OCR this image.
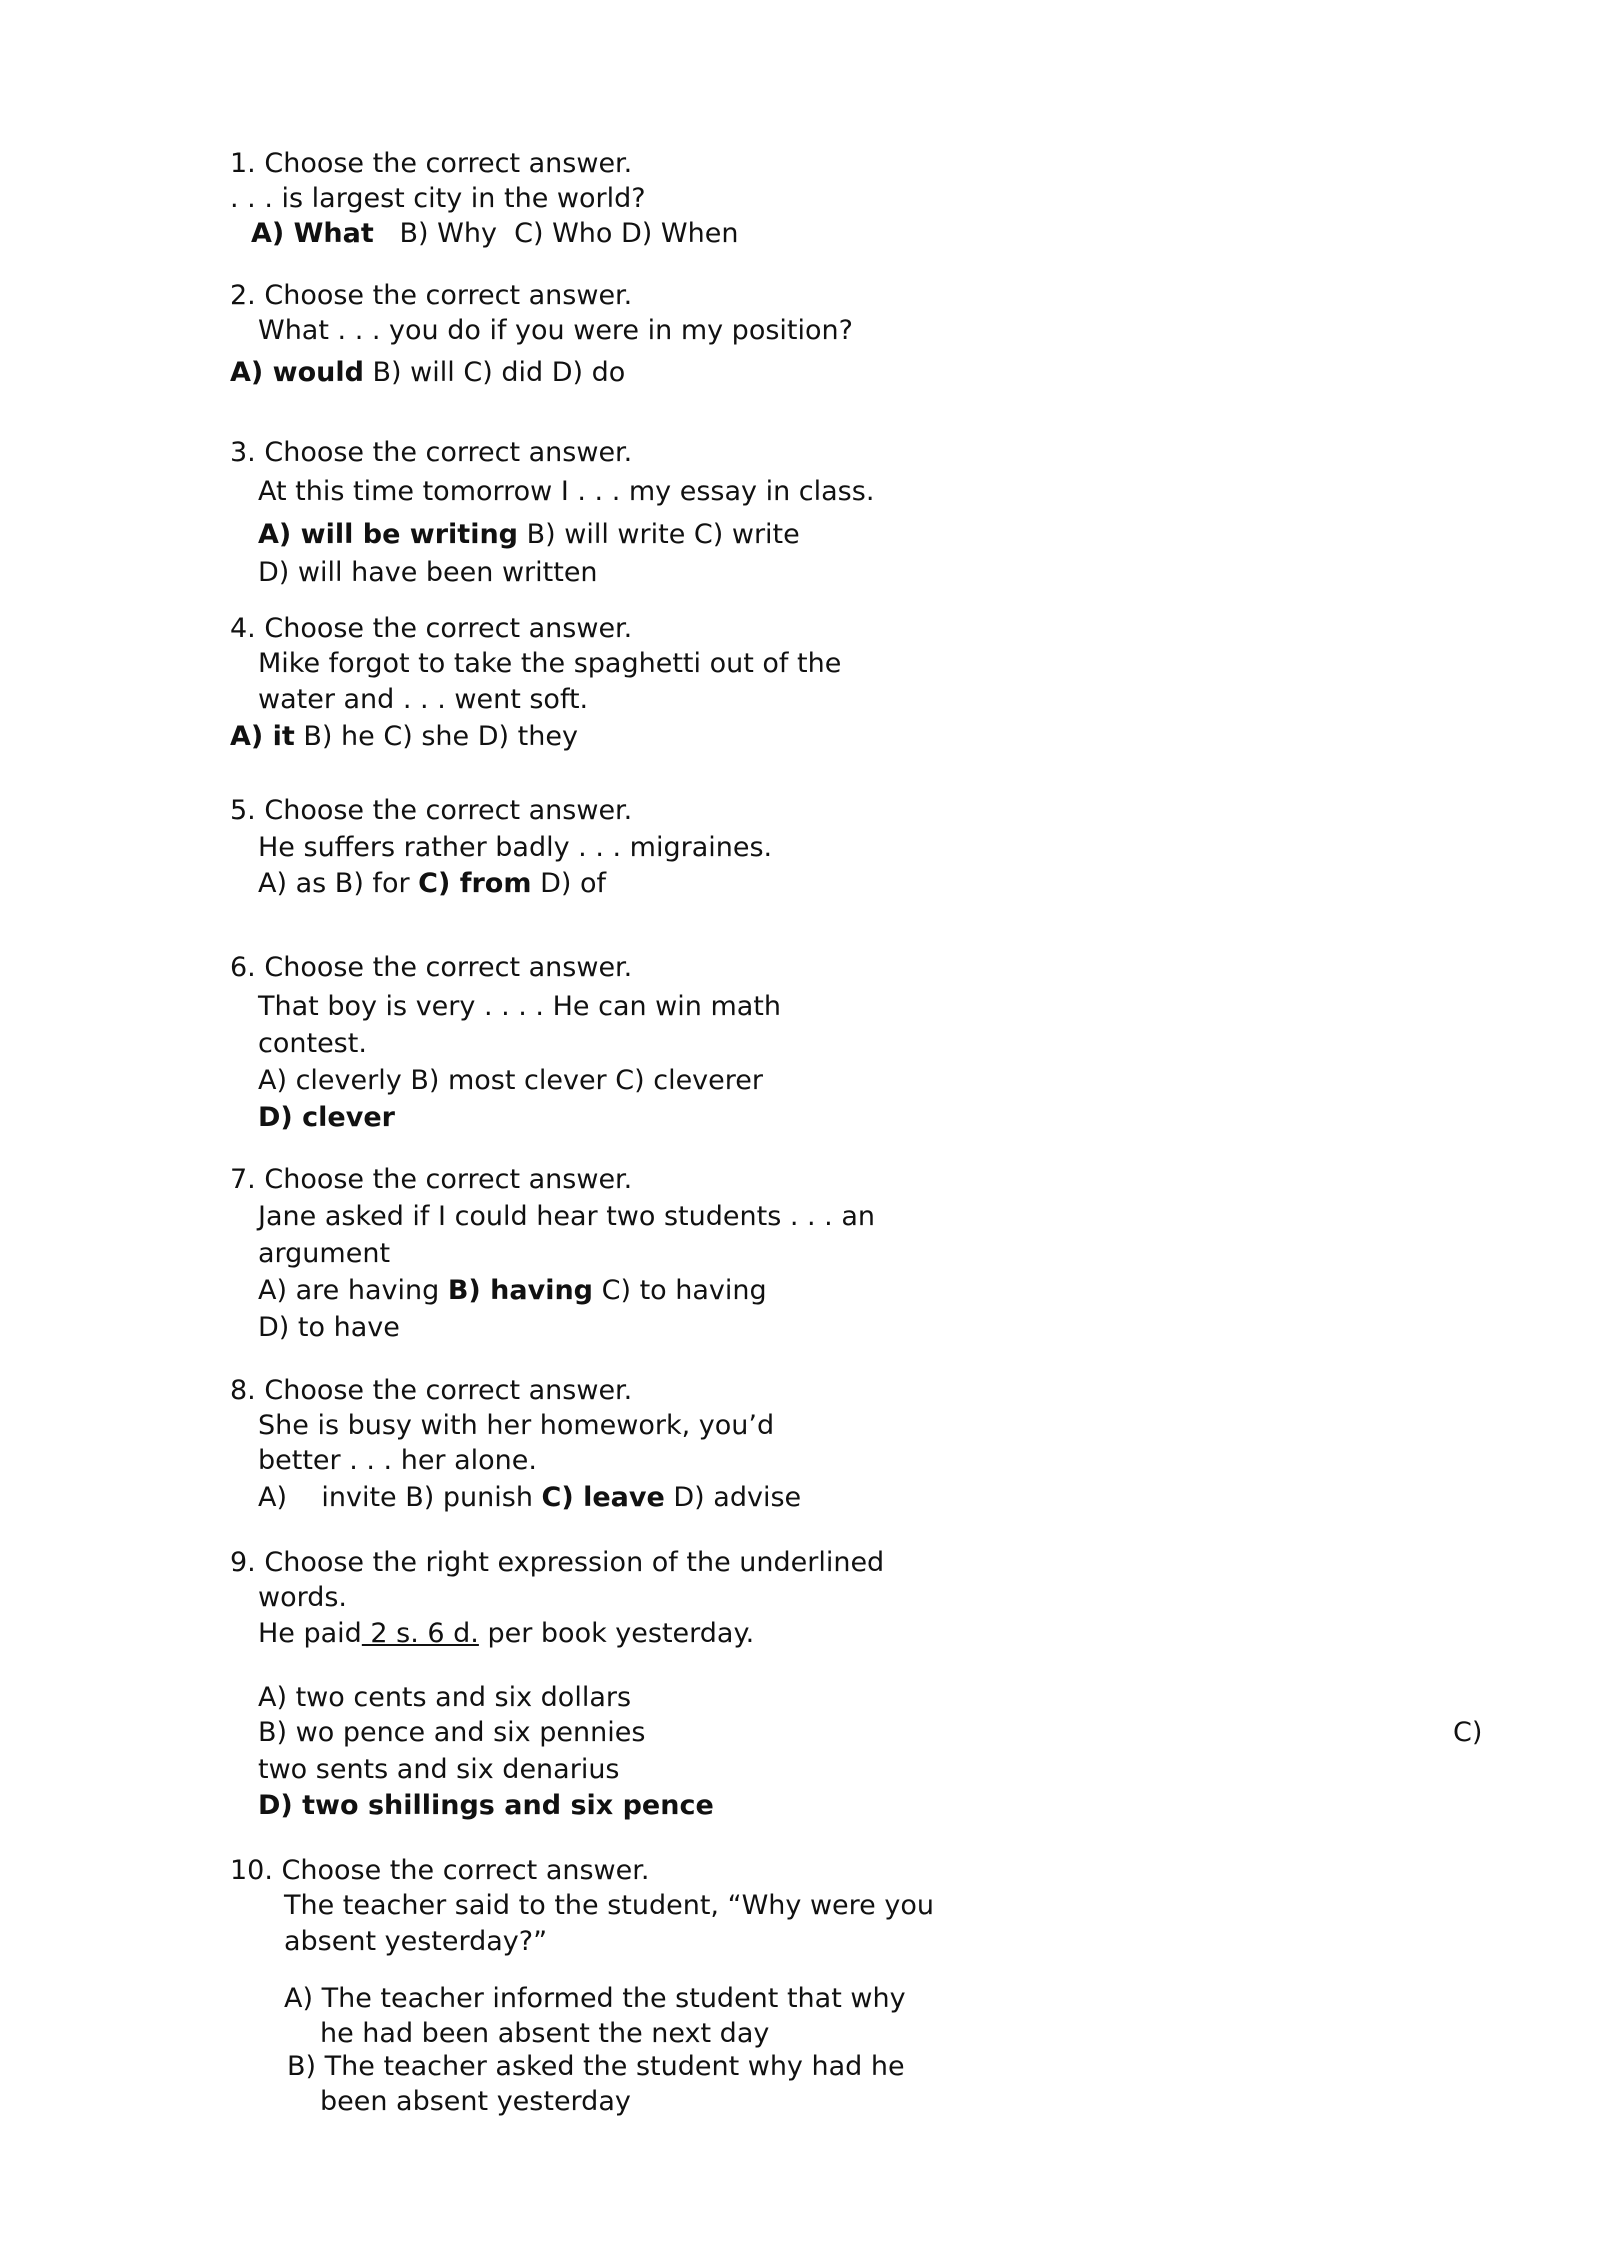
1. Choose the correct answer.
. . . is largest city in the world?
A) What B) Why C) Who D) When
2. Choose the correct answer.
What . . . you do if you were in my position?
A) would B) will C) did D) do
3. Choose the correct answer.
At this time tomorrow I . . . my essay in class.
A) will be writing B) will write C) write
D) will have been written
4. Choose the correct answer.
Mike forgot to take the spaghetti out of the
water and . . . went soft.
A) it B) he C) she D) they
5. Choose the correct answer.
He suffers rather badly . . . migraines.
A) as B) for C) from D) of
6. Choose the correct answer.
That boy is very . . . . He can win math
contest.
A) cleverly B) most clever C) cleverer
D) clever
7. Choose the correct answer.
Jane asked if I could hear two students . . . an
argument
A) are having B) having C) to having
D) to have
8. Choose the correct answer.
She is busy with her homework, you’d
better . . . her alone.
A) invite B) punish C) leave D) advise
9. Choose the right expression of the underlined
words.
He paid 2 s. 6 d. per book yesterday.
A) two cents and six dollars
B) wo pence and six pennies	C)
two sents and six denarius
D) two shillings and six pence
10. Choose the correct answer.
The teacher said to the student, “Why were you
absent yesterday?”
A) The teacher informed the student that why
he had been absent the next day
B) The teacher asked the student why had he
been absent yesterday
